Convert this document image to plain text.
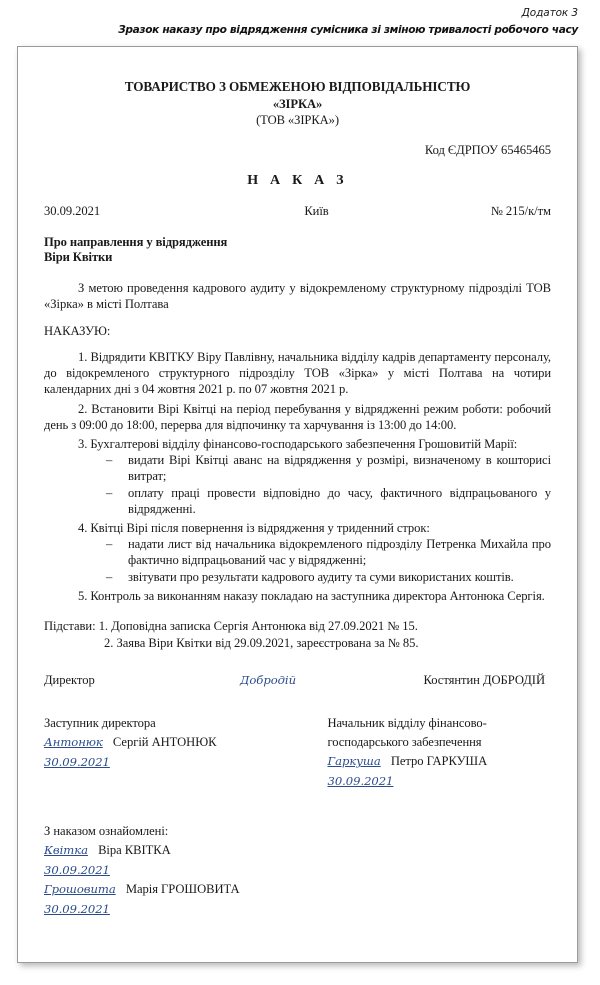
Додаток 3
Зразок наказу про відрядження сумісника зі зміною тривалості робочого часу
ТОВАРИСТВО З ОБМЕЖЕНОЮ ВІДПОВІДАЛЬНІСТЮ
«ЗІРКА»
(ТОВ «ЗІРКА»)
Код ЄДРПОУ 65465465
Н А К А З
30.09.2021	Київ	№ 215/к/тм
Про направлення у відрядження
Віри Квітки
З метою проведення кадрового аудиту у відокремленому структурному підрозділі ТОВ «Зірка» в місті Полтава
НАКАЗУЮ:
1. Відрядити КВІТКУ Віру Павлівну, начальника відділу кадрів департаменту персоналу, до відокремленого структурного підрозділу ТОВ «Зірка» у місті Полтава на чотири календарних дні з 04 жовтня 2021 р. по 07 жовтня 2021 р.
2. Встановити Вірі Квітці на період перебування у відрядженні режим роботи: робочий день з 09:00 до 18:00, перерва для відпочинку та харчування із 13:00 до 14:00.
3. Бухгалтерові відділу фінансово-господарського забезпечення Грошовитій Марії:
– видати Вірі Квітці аванс на відрядження у розмірі, визначеному в кошторисі витрат;
– оплату праці провести відповідно до часу, фактичного відпрацьованого у відрядженні.
4. Квітці Вірі після повернення із відрядження у триденний строк:
– надати лист від начальника відокремленого підрозділу Петренка Михайла про фактично відпрацьований час у відрядженні;
– звітувати про результати кадрового аудиту та суми використаних коштів.
5. Контроль за виконанням наказу покладаю на заступника директора Антонюка Сергія.
Підстави: 1. Доповідна записка Сергія Антонюка від 27.09.2021 № 15.
2. Заява Віри Квітки від 29.09.2021, зареєстрована за № 85.
Директор	Добродій	Костянтин ДОБРОДІЙ
Заступник директора
Антонюк Сергій АНТОНЮК
30.09.2021
Начальник відділу фінансово-
господарського забезпечення
Гаркуша Петро ГАРКУША
30.09.2021
З наказом ознайомлені:
Квітка Віра КВІТКА
30.09.2021
Грошовита Марія ГРОШОВИТА
30.09.2021
